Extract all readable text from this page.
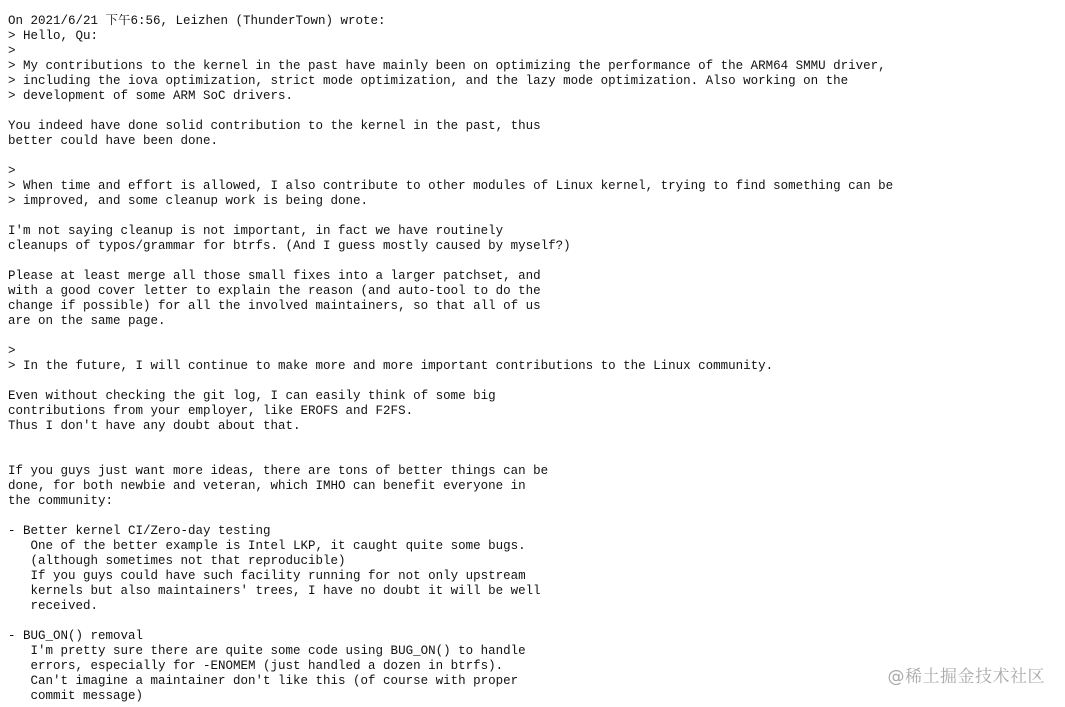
On 2021/6/21 下午6:56, Leizhen (ThunderTown) wrote:
> Hello, Qu:
>
> My contributions to the kernel in the past have mainly been on optimizing the performance of the ARM64 SMMU driver,
> including the iova optimization, strict mode optimization, and the lazy mode optimization. Also working on the
> development of some ARM SoC drivers.
You indeed have done solid contribution to the kernel in the past, thus
better could have been done.
>
> When time and effort is allowed, I also contribute to other modules of Linux kernel, trying to find something can be
> improved, and some cleanup work is being done.
I'm not saying cleanup is not important, in fact we have routinely
cleanups of typos/grammar for btrfs. (And I guess mostly caused by myself?)
Please at least merge all those small fixes into a larger patchset, and
with a good cover letter to explain the reason (and auto-tool to do the
change if possible) for all the involved maintainers, so that all of us
are on the same page.
>
> In the future, I will continue to make more and more important contributions to the Linux community.
Even without checking the git log, I can easily think of some big
contributions from your employer, like EROFS and F2FS.
Thus I don't have any doubt about that.
If you guys just want more ideas, there are tons of better things can be
done, for both newbie and veteran, which IMHO can benefit everyone in
the community:
- Better kernel CI/Zero-day testing
One of the better example is Intel LKP, it caught quite some bugs.
(although sometimes not that reproducible)
If you guys could have such facility running for not only upstream
kernels but also maintainers' trees, I have no doubt it will be well
received.
- BUG_ON() removal
I'm pretty sure there are quite some code using BUG_ON() to handle
errors, especially for -ENOMEM (just handled a dozen in btrfs).
Can't imagine a maintainer don't like this (of course with proper
commit message)
@稀土掘金技术社区
